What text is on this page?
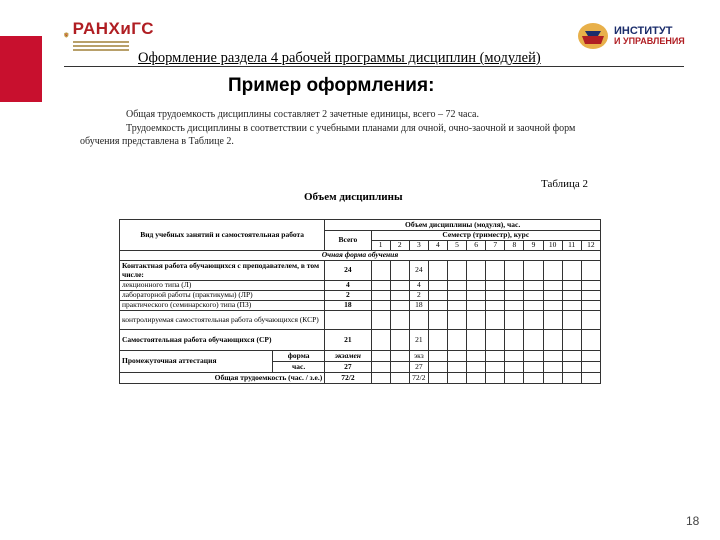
РАНХиГС	ИНСТИТУТ
И УПРАВЛЕНИЯ
Оформление раздела 4 рабочей программы дисциплин (модулей)
Пример оформления:

Общая трудоемкость дисциплины составляет 2 зачетные единицы, всего – 72 часа.

Трудоемкость дисциплины в соответствии с учебными планами для очной, очно-заочной и заочной форм обучения представлена в Таблице 2.

Таблица 2
Объем дисциплины
Вид учебных занятий и самостоятельная работа		Объем дисциплины (модуля), час.												
		Всего	Семестр (триместр), курс											
			1	2	3	4	5	6	7	8	9	10	11	12
Очная форма обучения														
Контактная работа обучающихся с преподавателем, в том числе:		24			24									
лекционного типа (Л)		4			4									
лабораторной работы (практикумы) (ЛР)		2			2									
практического (семинарского) типа (ПЗ)		18			18									
контролируемая самостоятельная работа обучающихся (КСР)														
Самостоятельная работа обучающихся (СР)		21			21									
Промежуточная аттестация	форма	экзамен			экз									
	час.	27			27									
Общая трудоемкость (час. / з.е.)		72/2			72/2									
18
